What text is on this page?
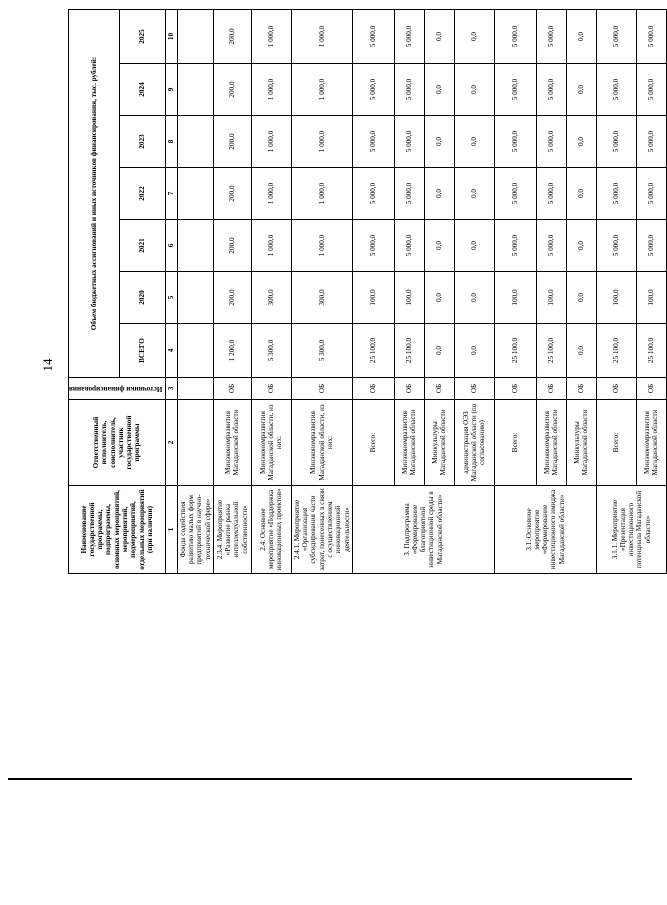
14
Наименование государственной программы, подпрограммы, основных мероприятий, мероприятий, подмероприятий, отдельных мероприятий (при наличии)	Ответственный исполнитель, соисполнитель, участник государственной программы	Источники финансирования	Объем бюджетных ассигнований и иных источников финансирования, тыс. рублей:						
			ВСЕГО	2020	2021	2022	2023	2024	2025
1	2	3	4	5	6	7	8	9	10
Фонда содействия развитию малых форм предприятий в научно-технической сфере»									
2.3.4. Мероприятие «Развитие рынка интеллектуальной собственности»	Минэкономразвития Магаданской области	ОБ	1 200,0	200,0	200,0	200,0	200,0	200,0	200,0
2.4. Основное мероприятие «Поддержка инновационных проектов»	Минэкономразвития Магаданской области, из них:	ОБ	5 300,0	300,0	1 000,0	1 000,0	1 000,0	1 000,0	1 000,0
2.4.1. Мероприятие «Организация субсидирования части затрат, понесенных в связи с осуществлением инновационной деятельности»	Минэкономразвития Магаданской области, из них:	ОБ	5 300,0	300,0	1 000,0	1 000,0	1 000,0	1 000,0	1 000,0
3. Подпрограмма «Формирование благоприятной инвестиционной среды в Магаданской области»	Всего:	ОБ	25 100,0	100,0	5 000,0	5 000,0	5 000,0	5 000,0	5 000,0
	Минэкономразвития Магаданской области	ОБ	25 100,0	100,0	5 000,0	5 000,0	5 000,0	5 000,0	5 000,0
	Минкультуры Магаданской области	ОБ	0,0	0,0	0,0	0,0	0,0	0,0	0,0
	администрация ОЭЗ Магаданской области (по согласованию)	ОБ	0,0	0,0	0,0	0,0	0,0	0,0	0,0
3.1. Основное мероприятие «Формирование инвестиционного имиджа Магаданской области»	Всего:	ОБ	25 100,0	100,0	5 000,0	5 000,0	5 000,0	5 000,0	5 000,0
	Минэкономразвития Магаданской области	ОБ	25 100,0	100,0	5 000,0	5 000,0	5 000,0	5 000,0	5 000,0
	Минкультуры Магаданской области	ОБ	0,0	0,0	0,0	0,0	0,0	0,0	0,0
3.1.1. Мероприятие «Презентация инвестиционного потенциала Магаданской области»	Всего:	ОБ	25 100,0	100,0	5 000,0	5 000,0	5 000,0	5 000,0	5 000,0
	Минэкономразвития Магаданской области	ОБ	25 100,0	100,0	5 000,0	5 000,0	5 000,0	5 000,0	5 000,0
